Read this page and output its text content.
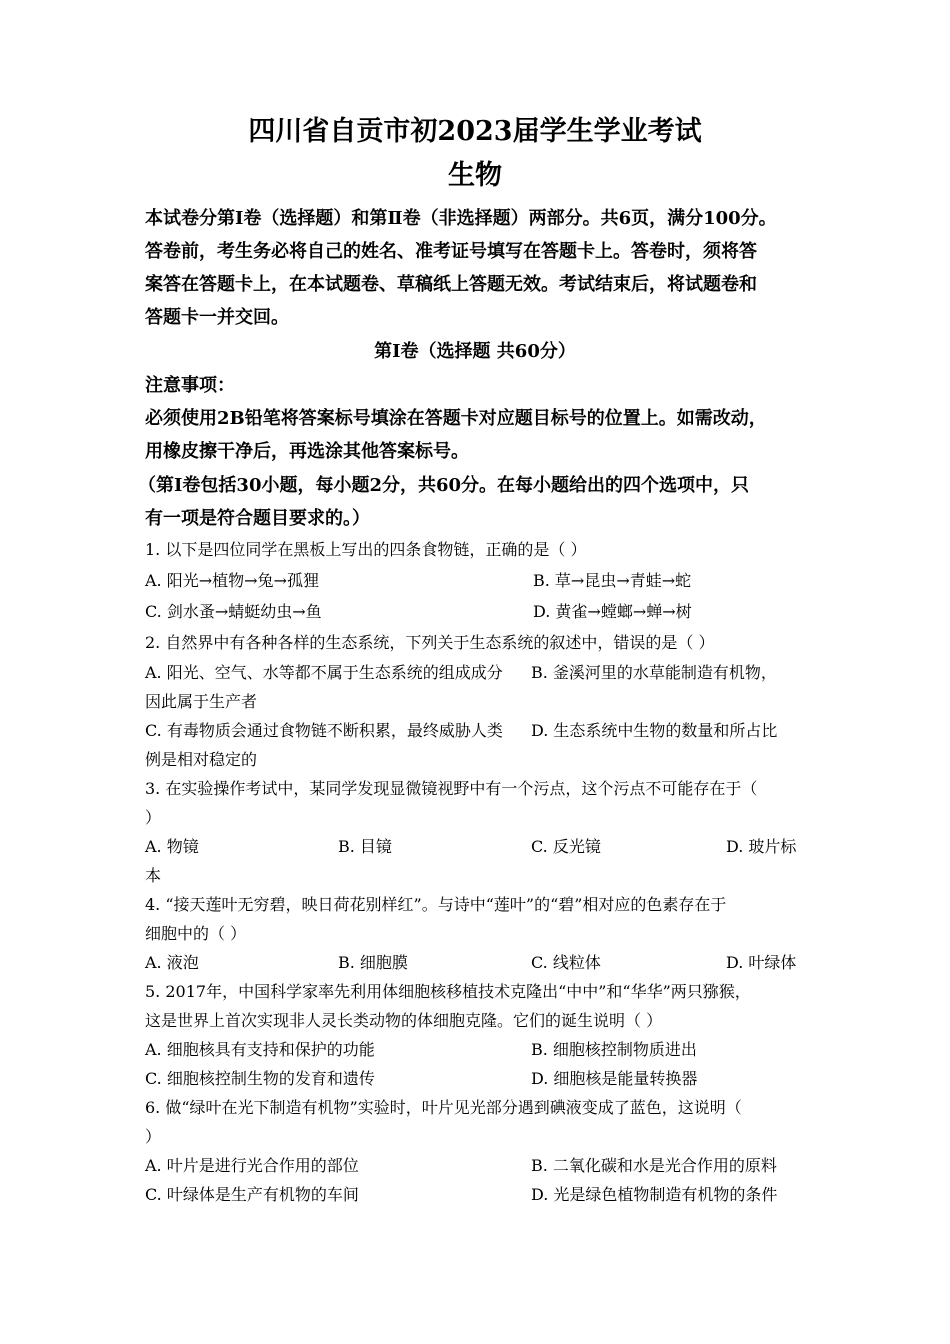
四川省自贡市初2023届学生学业考试
生物
本试卷分第Ⅰ卷（选择题）和第Ⅱ卷（非选择题）两部分。共6页，满分100分。
答卷前，考生务必将自己的姓名、准考证号填写在答题卡上。答卷时，须将答
案答在答题卡上，在本试题卷、草稿纸上答题无效。考试结束后，将试题卷和
答题卡一并交回。
第Ⅰ卷（选择题 共60分）
注意事项：
必须使用2B铅笔将答案标号填涂在答题卡对应题目标号的位置上。如需改动，
用橡皮擦干净后，再选涂其他答案标号。
（第Ⅰ卷包括30小题，每小题2分，共60分。在每小题给出的四个选项中，只
有一项是符合题目要求的。）
1. 以下是四位同学在黑板上写出的四条食物链，正确的是（ ）
A. 阳光→植物→兔→孤狸	B. 草→昆虫→青蛙→蛇
C. 剑水蚤→蜻蜓幼虫→鱼	D. 黄雀→螳螂→蝉→树
2. 自然界中有各种各样的生态系统，下列关于生态系统的叙述中，错误的是（ ）
A. 阳光、空气、水等都不属于生态系统的组成成分 B. 釜溪河里的水草能制造有机物，
因此属于生产者
C. 有毒物质会通过食物链不断积累，最终威胁人类 D. 生态系统中生物的数量和所占比
例是相对稳定的
3. 在实验操作考试中，某同学发现显微镜视野中有一个污点，这个污点不可能存在于（
）
A. 物镜	B. 目镜	C. 反光镜	D. 玻片标
本
4. “接天莲叶无穷碧，映日荷花别样红”。与诗中“莲叶”的“碧”相对应的色素存在于
细胞中的（ ）
A. 液泡	B. 细胞膜	C. 线粒体	D. 叶绿体
5. 2017年，中国科学家率先利用体细胞核移植技术克隆出“中中”和“华华”两只猕猴，
这是世界上首次实现非人灵长类动物的体细胞克隆。它们的诞生说明（ ）
A. 细胞核具有支持和保护的功能	B. 细胞核控制物质进出
C. 细胞核控制生物的发育和遗传	D. 细胞核是能量转换器
6. 做“绿叶在光下制造有机物”实验时，叶片见光部分遇到碘液变成了蓝色，这说明（
）
A. 叶片是进行光合作用的部位	B. 二氧化碳和水是光合作用的原料
C. 叶绿体是生产有机物的车间	D. 光是绿色植物制造有机物的条件
